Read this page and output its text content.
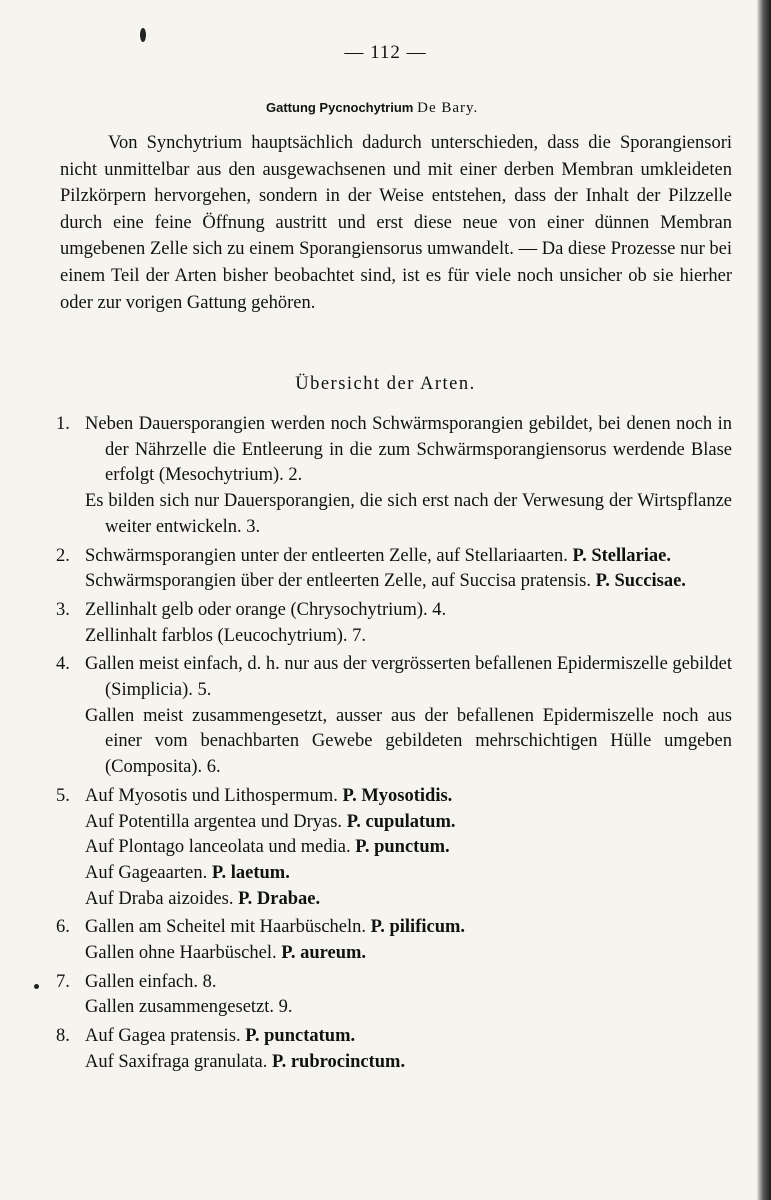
— 112 —
Gattung Pycnochytrium De Bary.

Von Synchytrium hauptsächlich dadurch unterschieden, dass die Sporangiensori nicht unmittelbar aus den ausgewachsenen und mit einer derben Membran umkleideten Pilzkörpern hervorgehen, sondern in der Weise entstehen, dass der Inhalt der Pilzzelle durch eine feine Öffnung austritt und erst diese neue von einer dünnen Membran umgebenen Zelle sich zu einem Sporangiensorus umwandelt. — Da diese Prozesse nur bei einem Teil der Arten bisher beobachtet sind, ist es für viele noch unsicher ob sie hierher oder zur vorigen Gattung gehören.

Übersicht der Arten.
1. Neben Dauersporangien werden noch Schwärmsporangien gebildet, bei denen noch in der Nährzelle die Entleerung in die zum Schwärmsporangiensorus werdende Blase erfolgt (Mesochytrium). 2.
Es bilden sich nur Dauersporangien, die sich erst nach der Verwesung der Wirtspflanze weiter entwickeln. 3.
2. Schwärmsporangien unter der entleerten Zelle, auf Stellariaarten. P. Stellariae.
Schwärmsporangien über der entleerten Zelle, auf Succisa pratensis. P. Succisae.
3. Zellinhalt gelb oder orange (Chrysochytrium). 4.
Zellinhalt farblos (Leucochytrium). 7.
4. Gallen meist einfach, d. h. nur aus der vergrösserten befallenen Epidermiszelle gebildet (Simplicia). 5.
Gallen meist zusammengesetzt, ausser aus der befallenen Epidermiszelle noch aus einer vom benachbarten Gewebe gebildeten mehrschichtigen Hülle umgeben (Composita). 6.
5. Auf Myosotis und Lithospermum. P. Myosotidis.
Auf Potentilla argentea und Dryas. P. cupulatum.
Auf Plontago lanceolata und media. P. punctum.
Auf Gageaarten. P. laetum.
Auf Draba aizoides. P. Drabae.
6. Gallen am Scheitel mit Haarbüscheln. P. pilificum.
Gallen ohne Haarbüschel. P. aureum.
7. Gallen einfach. 8.
Gallen zusammengesetzt. 9.
8. Auf Gagea pratensis. P. punctatum.
Auf Saxifraga granulata. P. rubrocinctum.
